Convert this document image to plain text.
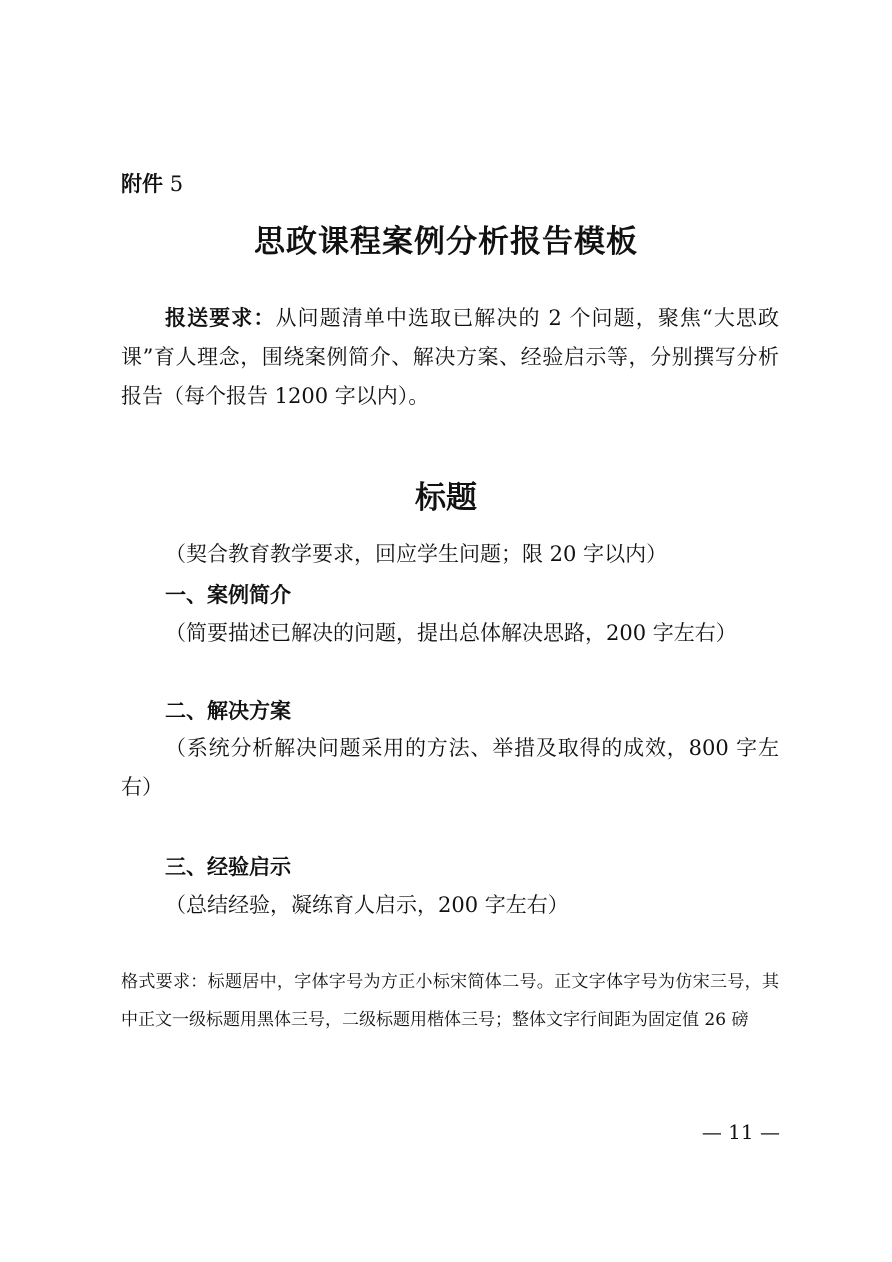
附件 5
思政课程案例分析报告模板
报送要求：从问题清单中选取已解决的 2 个问题，聚焦“大思政课”育人理念，围绕案例简介、解决方案、经验启示等，分别撰写分析报告（每个报告 1200 字以内）。
标题
（契合教育教学要求，回应学生问题；限 20 字以内）
一、案例简介
（简要描述已解决的问题，提出总体解决思路，200 字左右）
二、解决方案
（系统分析解决问题采用的方法、举措及取得的成效，800 字左右）
三、经验启示
（总结经验，凝练育人启示，200 字左右）
格式要求：标题居中，字体字号为方正小标宋简体二号。正文字体字号为仿宋三号，其中正文一级标题用黑体三号，二级标题用楷体三号；整体文字行间距为固定值 26 磅
— 11 —
